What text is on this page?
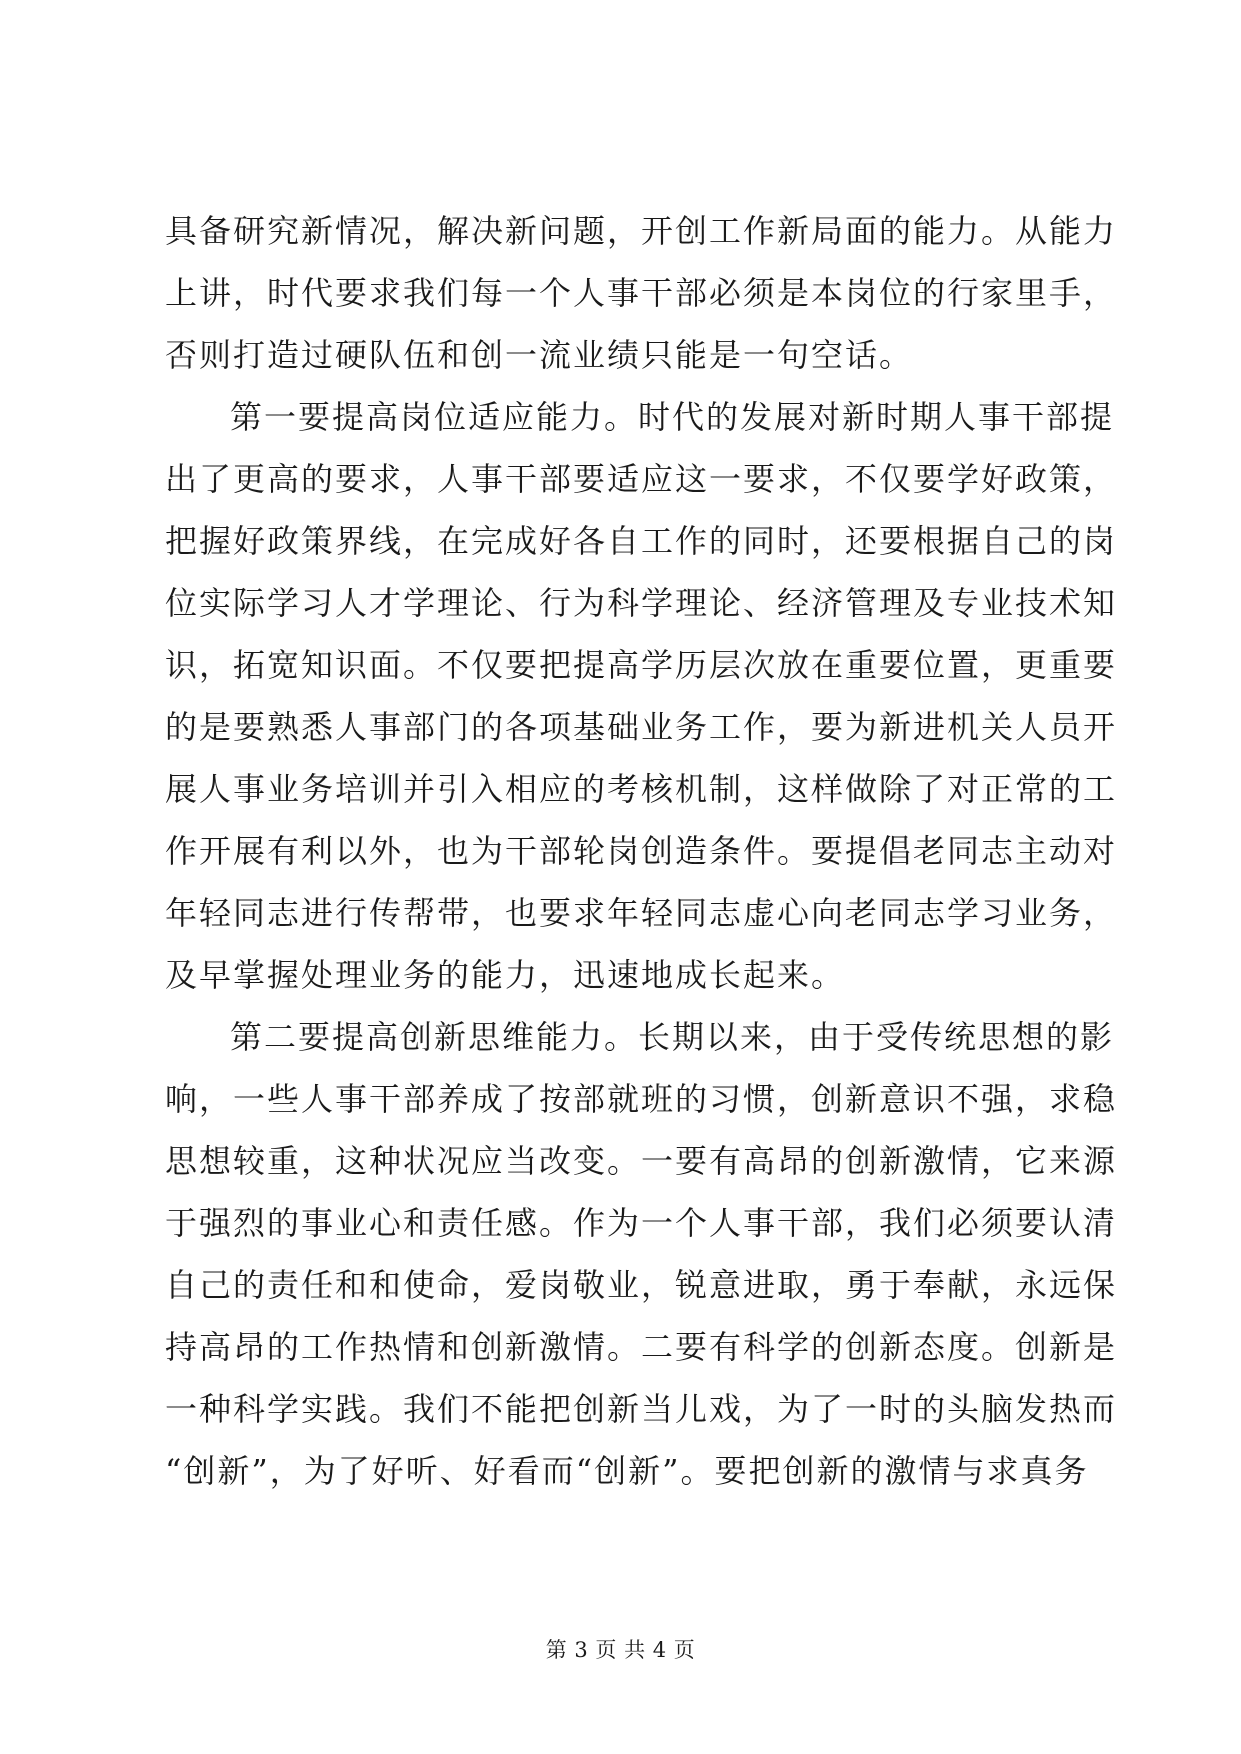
具备研究新情况，解决新问题，开创工作新局面的能力。从能力
上讲，时代要求我们每一个人事干部必须是本岗位的行家里手，
否则打造过硬队伍和创一流业绩只能是一句空话。
第一要提高岗位适应能力。时代的发展对新时期人事干部提
出了更高的要求，人事干部要适应这一要求，不仅要学好政策，
把握好政策界线，在完成好各自工作的同时，还要根据自己的岗
位实际学习人才学理论、行为科学理论、经济管理及专业技术知
识，拓宽知识面。不仅要把提高学历层次放在重要位置，更重要
的是要熟悉人事部门的各项基础业务工作，要为新进机关人员开
展人事业务培训并引入相应的考核机制，这样做除了对正常的工
作开展有利以外，也为干部轮岗创造条件。要提倡老同志主动对
年轻同志进行传帮带，也要求年轻同志虚心向老同志学习业务，
及早掌握处理业务的能力，迅速地成长起来。
第二要提高创新思维能力。长期以来，由于受传统思想的影
响，一些人事干部养成了按部就班的习惯，创新意识不强，求稳
思想较重，这种状况应当改变。一要有高昂的创新激情，它来源
于强烈的事业心和责任感。作为一个人事干部，我们必须要认清
自己的责任和和使命，爱岗敬业，锐意进取，勇于奉献，永远保
持高昂的工作热情和创新激情。二要有科学的创新态度。创新是
一种科学实践。我们不能把创新当儿戏，为了一时的头脑发热而
“创新”，为了好听、好看而“创新”。要把创新的激情与求真务
第 3 页 共 4 页
